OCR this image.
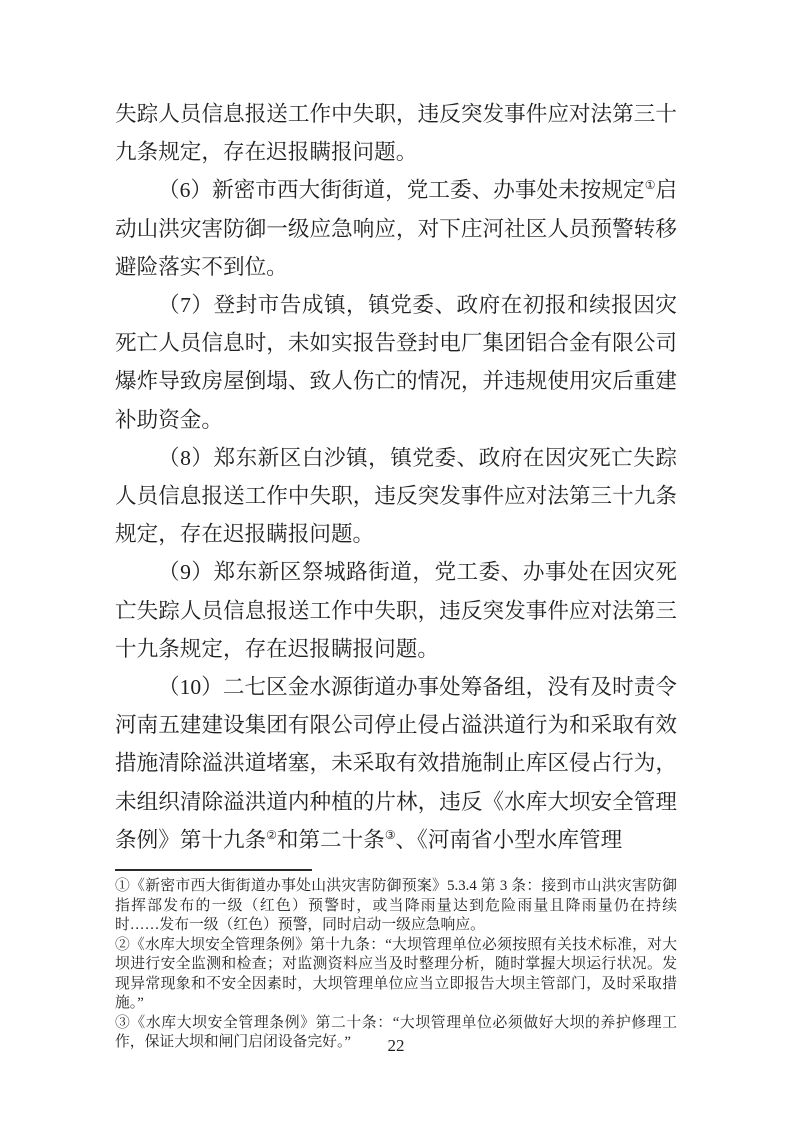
失踪人员信息报送工作中失职，违反突发事件应对法第三十九条规定，存在迟报瞒报问题。

（6）新密市西大街街道，党工委、办事处未按规定①启动山洪灾害防御一级应急响应，对下庄河社区人员预警转移避险落实不到位。

（7）登封市告成镇，镇党委、政府在初报和续报因灾死亡人员信息时，未如实报告登封电厂集团铝合金有限公司爆炸导致房屋倒塌、致人伤亡的情况，并违规使用灾后重建补助资金。

（8）郑东新区白沙镇，镇党委、政府在因灾死亡失踪人员信息报送工作中失职，违反突发事件应对法第三十九条规定，存在迟报瞒报问题。

（9）郑东新区祭城路街道，党工委、办事处在因灾死亡失踪人员信息报送工作中失职，违反突发事件应对法第三十九条规定，存在迟报瞒报问题。

（10）二七区金水源街道办事处筹备组，没有及时责令河南五建建设集团有限公司停止侵占溢洪道行为和采取有效措施清除溢洪道堵塞，未采取有效措施制止库区侵占行为，未组织清除溢洪道内种植的片林，违反《水库大坝安全管理条例》第十九条②和第二十条③、《河南省小型水库管理

①《新密市西大街街道办事处山洪灾害防御预案》5.3.4 第 3 条：接到市山洪灾害防御指挥部发布的一级（红色）预警时，或当降雨量达到危险雨量且降雨量仍在持续时……发布一级（红色）预警，同时启动一级应急响应。

②《水库大坝安全管理条例》第十九条：“大坝管理单位必须按照有关技术标准，对大坝进行安全监测和检查；对监测资料应当及时整理分析，随时掌握大坝运行状况。发现异常现象和不安全因素时，大坝管理单位应当立即报告大坝主管部门，及时采取措施。”

③《水库大坝安全管理条例》第二十条：“大坝管理单位必须做好大坝的养护修理工作，保证大坝和闸门启闭设备完好。”	22
